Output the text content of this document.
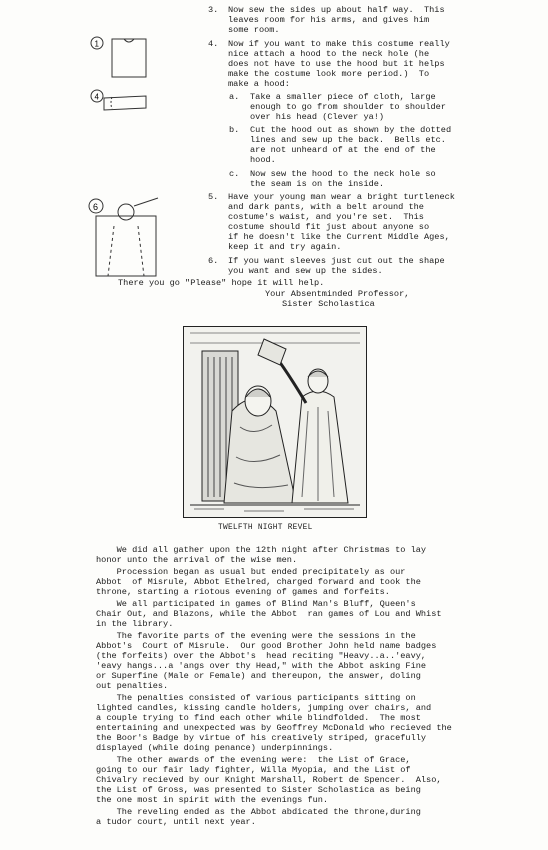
1
4
6
3. Now sew the sides up about half way.  This
leaves room for his arms, and gives him
some room.
4. Now if you want to make this costume really
nice attach a hood to the neck hole (he
does not have to use the hood but it helps
make the costume look more period.)  To
make a hood:
a. Take a smaller piece of cloth, large
enough to go from shoulder to shoulder
over his head (Clever ya!)
b. Cut the hood out as shown by the dotted
lines and sew up the back.  Bells etc.
are not unheard of at the end of the
hood.
c. Now sew the hood to the neck hole so
the seam is on the inside.
5. Have your young man wear a bright turtleneck
and dark pants, with a belt around the
costume's waist, and you're set.  This
costume should fit just about anyone so
if he doesn't like the Current Middle Ages,
keep it and try again.
6. If you want sleeves just cut out the shape
you want and sew up the sides.
There you go "Please" hope it will help.
Your Absentminded Professor,
Sister Scholastica
TWELFTH NIGHT REVEL
We did all gather upon the 12th night after Christmas to lay
honor unto the arrival of the wise men.
Procession began as usual but ended precipitately as our
Abbot  of Misrule, Abbot Ethelred, charged forward and took the
throne, starting a riotous evening of games and forfeits.
We all participated in games of Blind Man's Bluff, Queen's
Chair Out, and Blazons, while the Abbot  ran games of Lou and Whist
in the library.
The favorite parts of the evening were the sessions in the
Abbot's  Court of Misrule.  Our good Brother John held name badges
(the forfeits) over the Abbot's  head reciting "Heavy..a..'eavy,
'eavy hangs...a 'angs over thy Head," with the Abbot asking Fine
or Superfine (Male or Female) and thereupon, the answer, doling
out penalties.
The penalties consisted of various participants sitting on
lighted candles, kissing candle holders, jumping over chairs, and
a couple trying to find each other while blindfolded.  The most
entertaining and unexpected was by Geoffrey McDonald who recieved the
the Boor's Badge by virtue of his creatively striped, gracefully
displayed (while doing penance) underpinnings.
The other awards of the evening were:  the List of Grace,
going to our fair lady fighter, Willa Myopia, and the List of
Chivalry recieved by our Knight Marshall, Robert de Spencer.  Also,
the List of Gross, was presented to Sister Scholastica as being
the one most in spirit with the evenings fun.
The reveling ended as the Abbot abdicated the throne,during
a tudor court, until next year.
